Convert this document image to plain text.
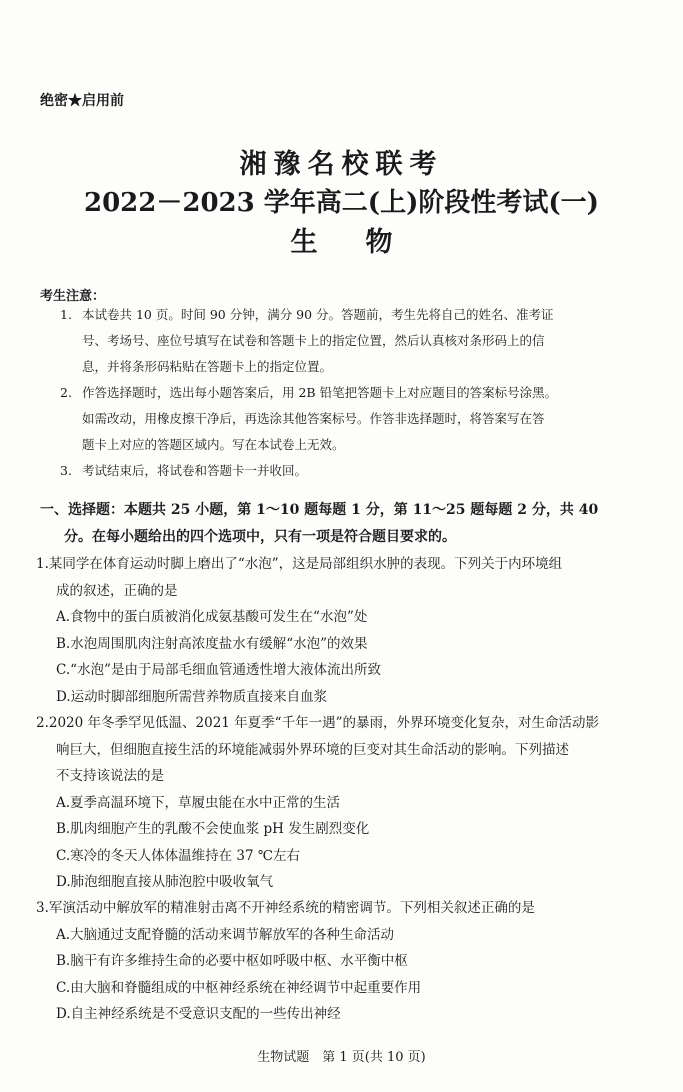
绝密★启用前
湘豫名校联考
2022－2023 学年高二(上)阶段性考试(一)
生 物
考生注意：
1. 本试卷共 10 页。时间 90 分钟，满分 90 分。答题前，考生先将自己的姓名、准考证
号、考场号、座位号填写在试卷和答题卡上的指定位置，然后认真核对条形码上的信
息，并将条形码粘贴在答题卡上的指定位置。
2. 作答选择题时，选出每小题答案后，用 2B 铅笔把答题卡上对应题目的答案标号涂黑。
如需改动，用橡皮擦干净后，再选涂其他答案标号。作答非选择题时，将答案写在答
题卡上对应的答题区域内。写在本试卷上无效。
3. 考试结束后，将试卷和答题卡一并收回。
一、选择题：本题共 25 小题，第 1～10 题每题 1 分，第 11～25 题每题 2 分，共 40
分。在每小题给出的四个选项中，只有一项是符合题目要求的。
1.某同学在体育运动时脚上磨出了“水泡”，这是局部组织水肿的表现。下列关于内环境组
成的叙述，正确的是
A.食物中的蛋白质被消化成氨基酸可发生在“水泡”处
B.水泡周围肌肉注射高浓度盐水有缓解“水泡”的效果
C.“水泡”是由于局部毛细血管通透性增大液体流出所致
D.运动时脚部细胞所需营养物质直接来自血浆
2.2020 年冬季罕见低温、2021 年夏季“千年一遇”的暴雨，外界环境变化复杂，对生命活动影
响巨大，但细胞直接生活的环境能减弱外界环境的巨变对其生命活动的影响。下列描述
不支持该说法的是
A.夏季高温环境下，草履虫能在水中正常的生活
B.肌肉细胞产生的乳酸不会使血浆 pH 发生剧烈变化
C.寒冷的冬天人体体温维持在 37 ℃左右
D.肺泡细胞直接从肺泡腔中吸收氧气
3.军演活动中解放军的精准射击离不开神经系统的精密调节。下列相关叙述正确的是
A.大脑通过支配脊髓的活动来调节解放军的各种生命活动
B.脑干有许多维持生命的必要中枢如呼吸中枢、水平衡中枢
C.由大脑和脊髓组成的中枢神经系统在神经调节中起重要作用
D.自主神经系统是不受意识支配的一些传出神经
生物试题　第 1 页(共 10 页)
